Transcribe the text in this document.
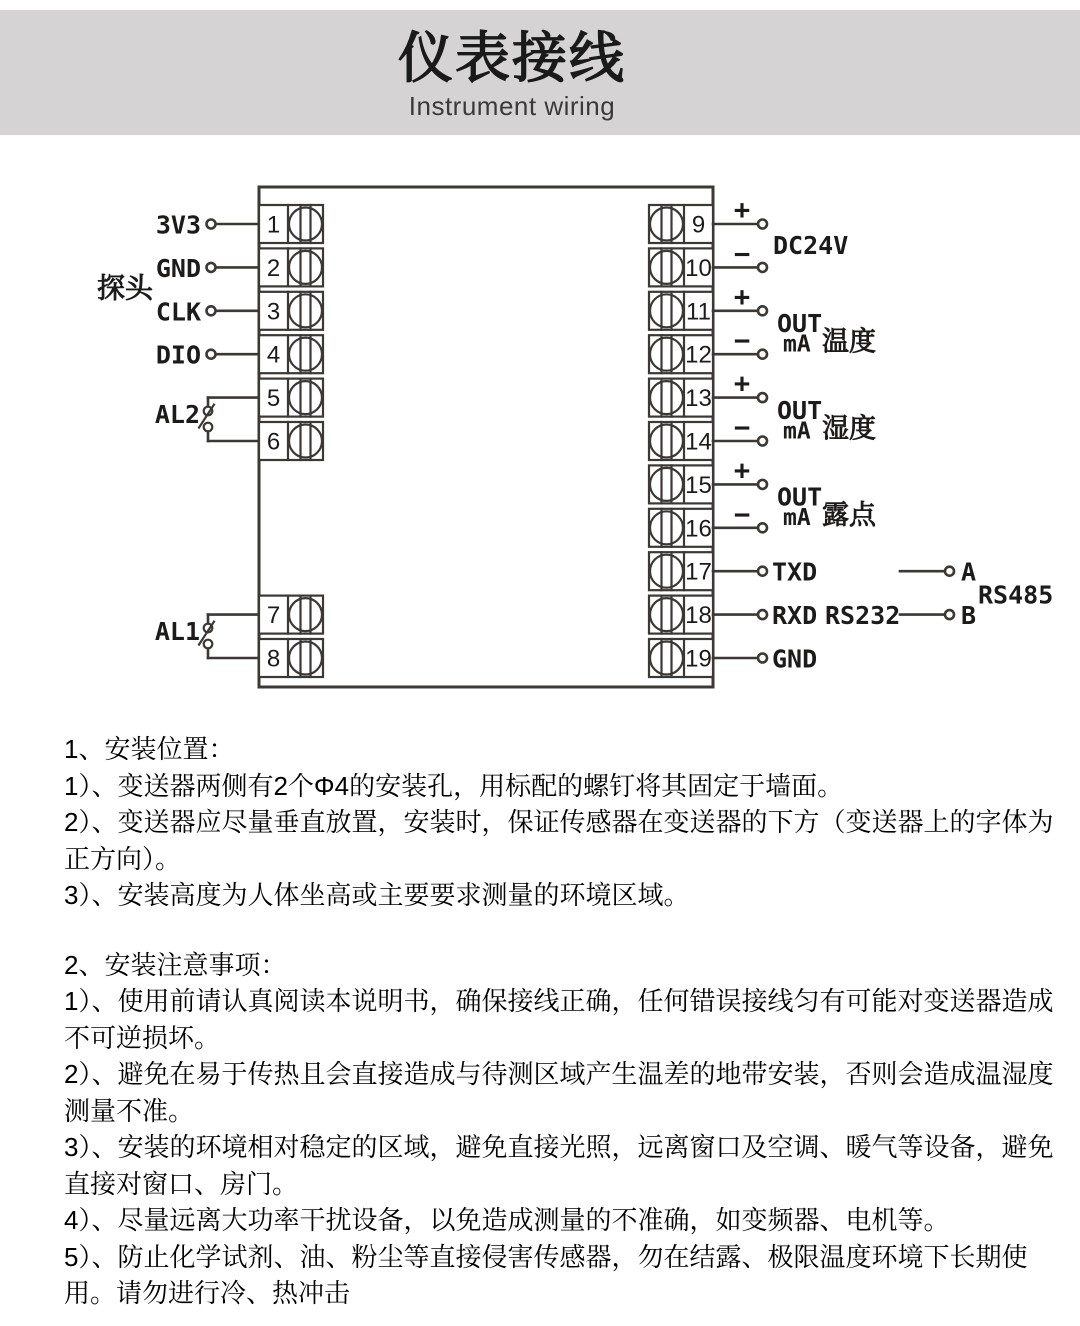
仪表接线
Instrument wiring
1
3V3
2
GND
3
CLK
4
DIO
探头
5
6
AL2
7
8
AL1
9
10
+
− DC24V
11
12
+
−
OUT
mA 温度
13
14
+
−
OUT
mA 湿度
15
16
+
−
OUT
mA 露点
17 TXD
18 RXD RS232
19 GND
A
B
RS485
1、安装位置：
1）、变送器两侧有2个Φ4的安装孔，用标配的螺钉将其固定于墙面。
2）、变送器应尽量垂直放置，安装时，保证传感器在变送器的下方（变送器上的字体为正方向）。
3）、安装高度为人体坐高或主要要求测量的环境区域。
2、安装注意事项：
1）、使用前请认真阅读本说明书，确保接线正确，任何错误接线匀有可能对变送器造成不可逆损坏。
2）、避免在易于传热且会直接造成与待测区域产生温差的地带安装，否则会造成温湿度测量不准。
3）、安装的环境相对稳定的区域，避免直接光照，远离窗口及空调、暖气等设备，避免直接对窗口、房门。
4）、尽量远离大功率干扰设备，以免造成测量的不准确，如变频器、电机等。
5）、防止化学试剂、油、粉尘等直接侵害传感器，勿在结露、极限温度环境下长期使用。请勿进行冷、热冲击
